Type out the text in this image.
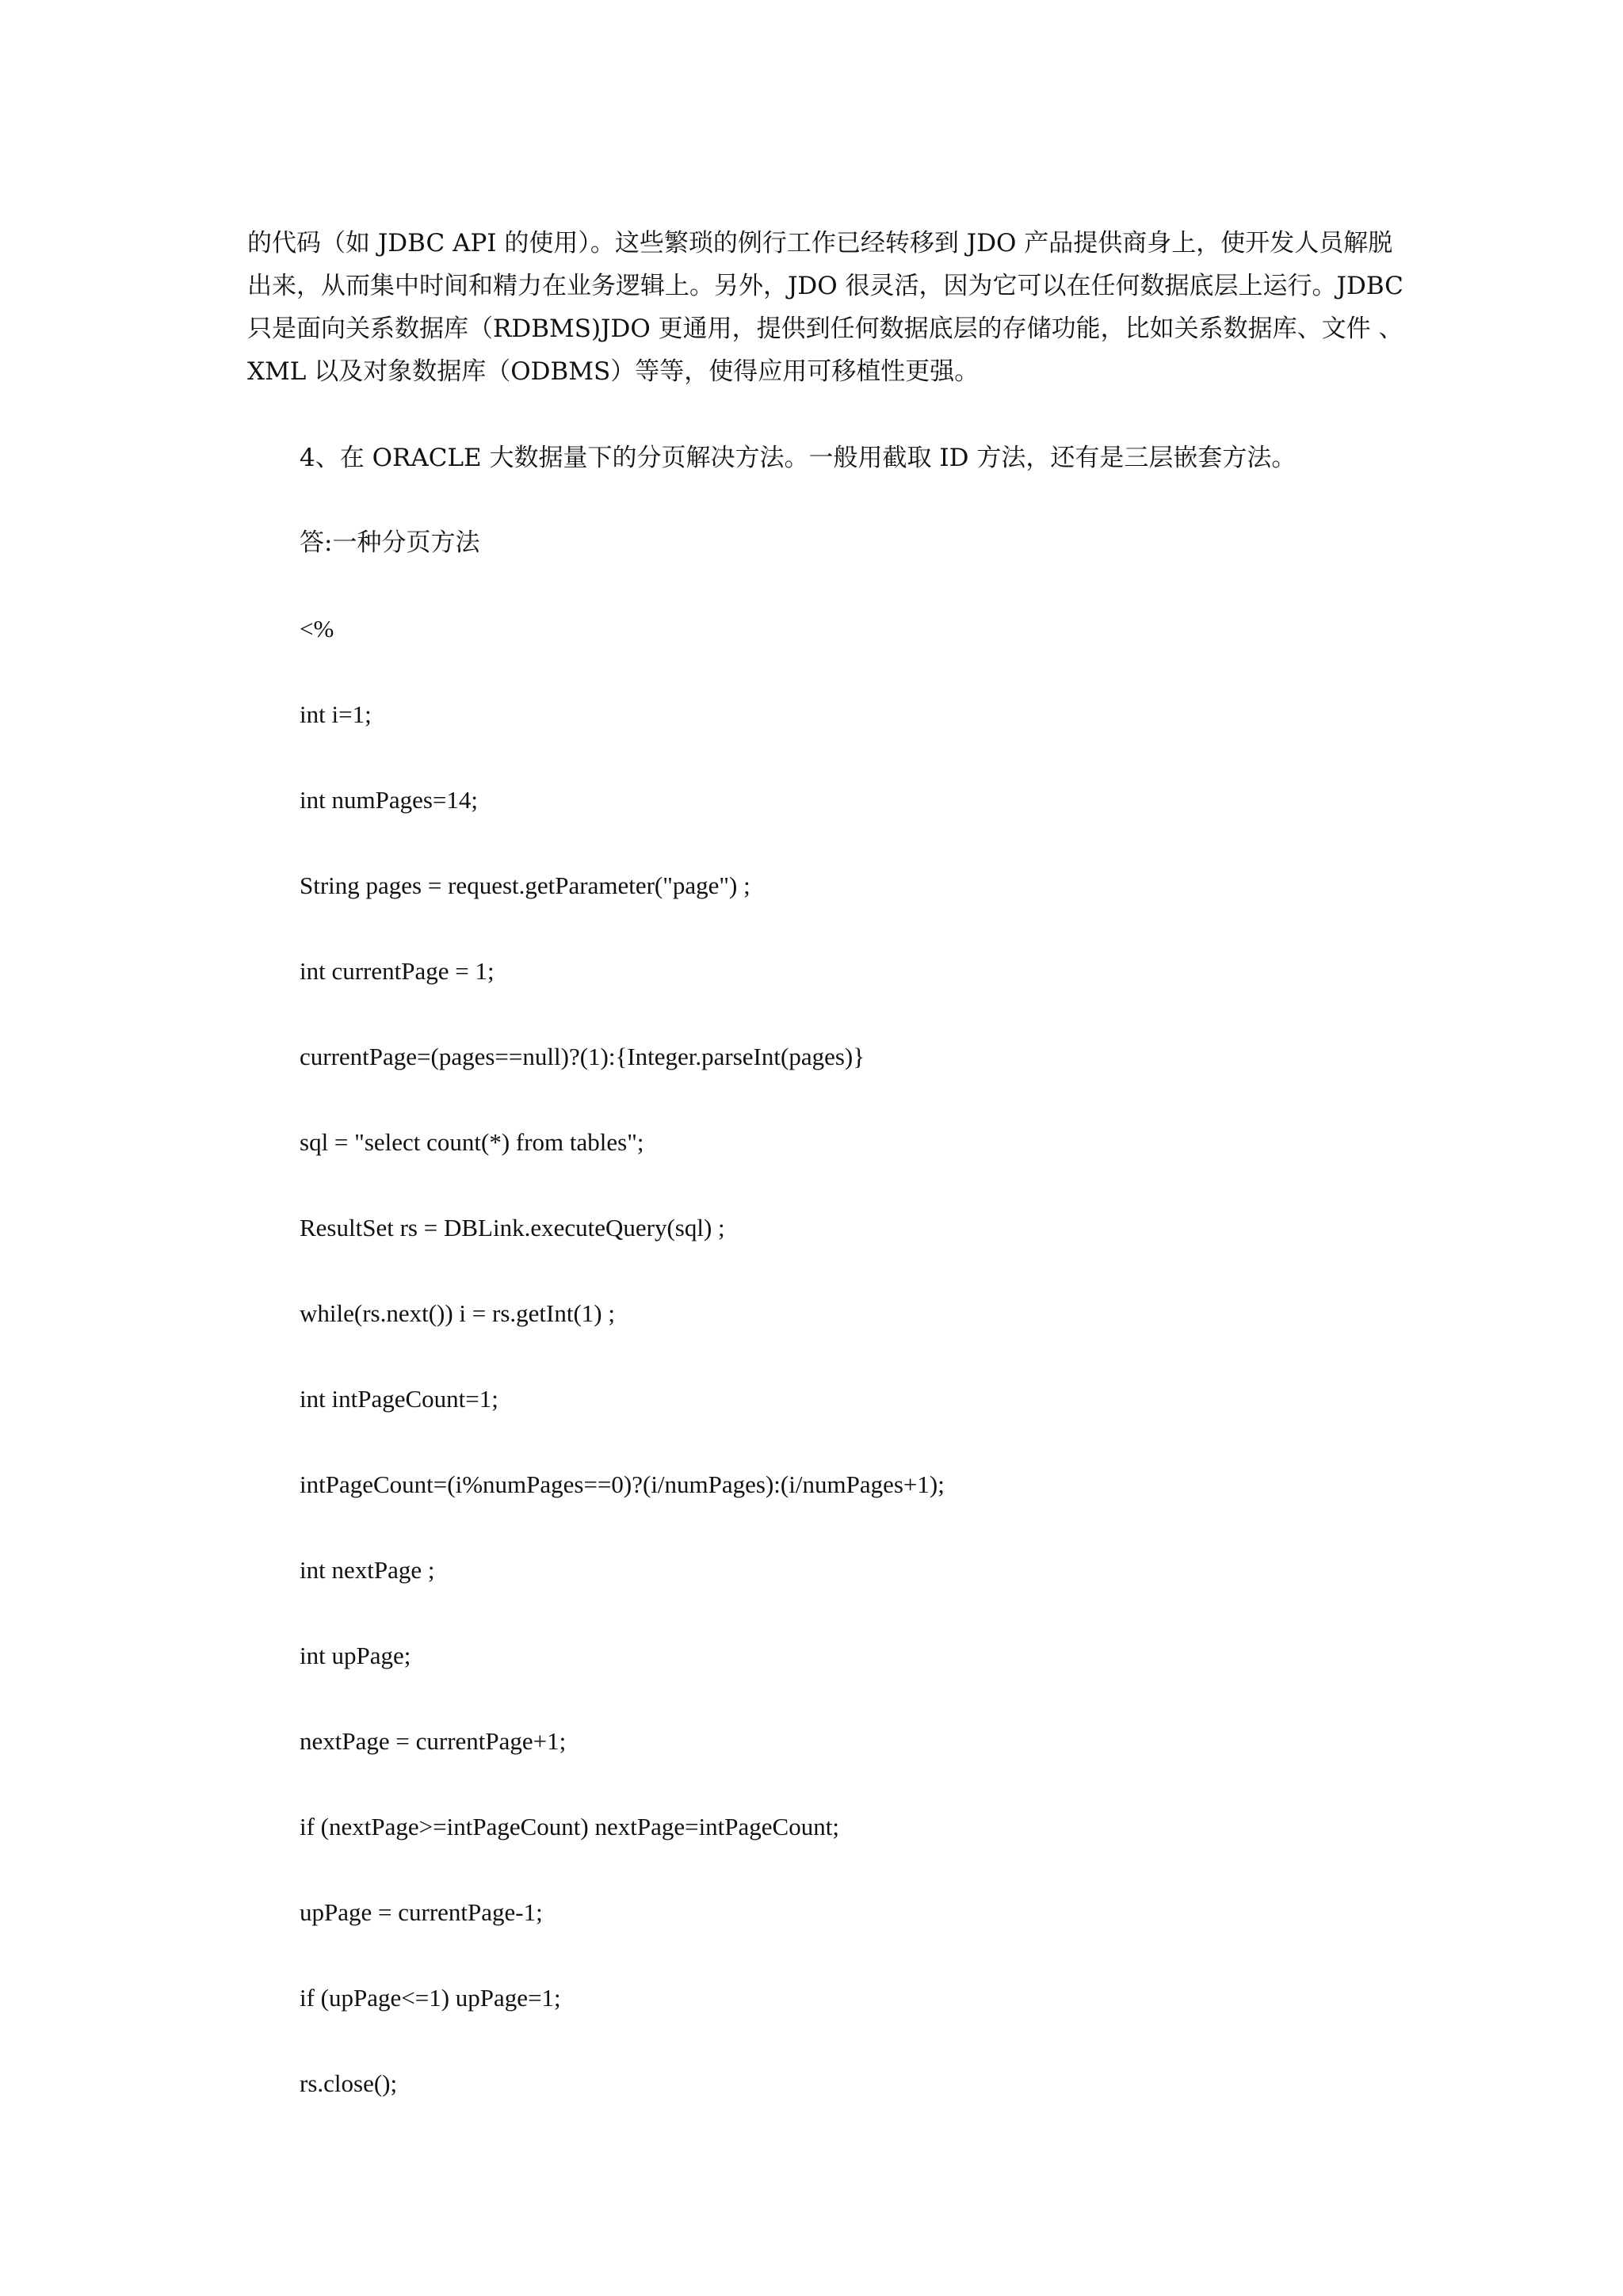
的代码（如 JDBC API 的使用）。这些繁琐的例行工作已经转移到 JDO 产品提供商身上，使开发人员解脱
出来，从而集中时间和精力在业务逻辑上。另外，JDO 很灵活，因为它可以在任何数据底层上运行。JDBC
只是面向关系数据库（RDBMS)JDO 更通用，提供到任何数据底层的存储功能，比如关系数据库、文件 、
XML 以及对象数据库（ODBMS）等等，使得应用可移植性更强。
4、在 ORACLE 大数据量下的分页解决方法。一般用截取 ID 方法，还有是三层嵌套方法。
答:一种分页方法
<%
int i=1;
int numPages=14;
String pages = request.getParameter("page") ;
int currentPage = 1;
currentPage=(pages==null)?(1):{Integer.parseInt(pages)}
sql = "select count(*) from tables";
ResultSet rs = DBLink.executeQuery(sql) ;
while(rs.next()) i = rs.getInt(1) ;
int intPageCount=1;
intPageCount=(i%numPages==0)?(i/numPages):(i/numPages+1);
int nextPage ;
int upPage;
nextPage = currentPage+1;
if (nextPage>=intPageCount) nextPage=intPageCount;
upPage = currentPage-1;
if (upPage<=1) upPage=1;
rs.close();
